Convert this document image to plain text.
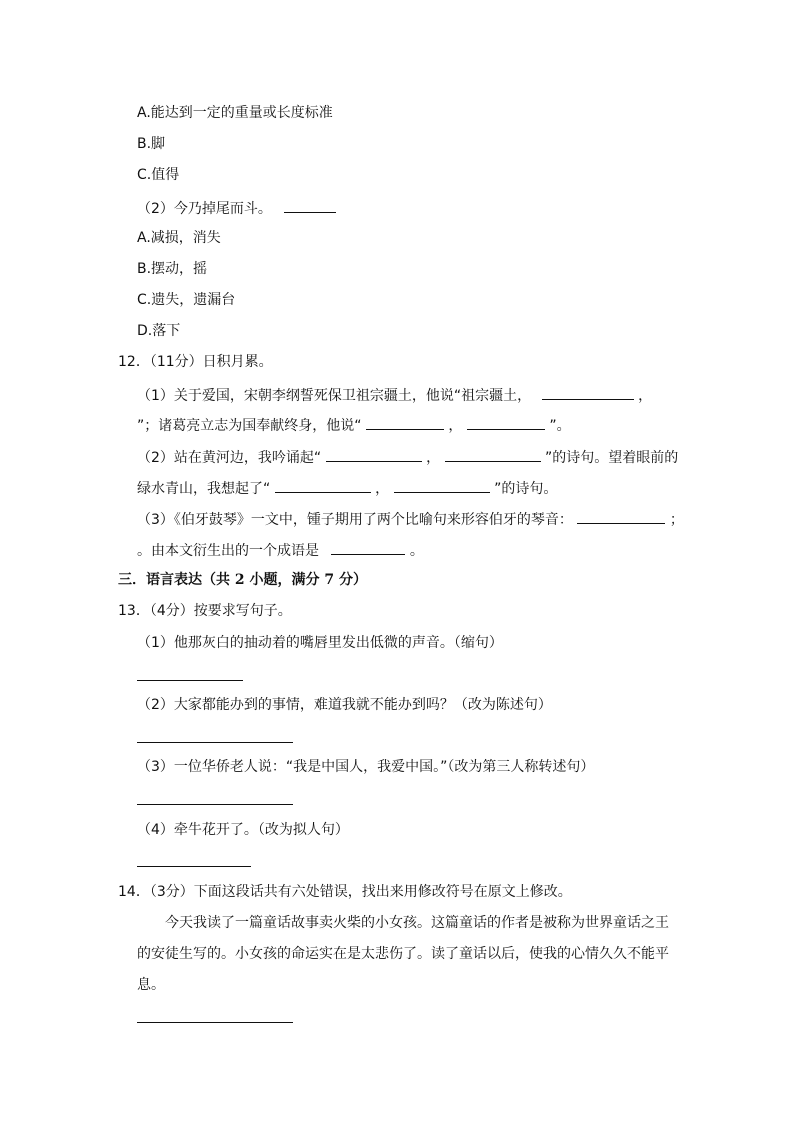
A.能达到一定的重量或长度标准
B.脚
C.值得
（2）今乃掉尾而斗。
A.减损，消失
B.摆动，摇
C.遗失，遗漏台
D.落下
12．（11分）日积月累。
（1）关于爱国，宋朝李纲誓死保卫祖宗疆土，他说“祖宗疆土，	，
”；诸葛亮立志为国奉献终身，他说“	，	”。
（2）站在黄河边，我吟诵起“	，	”的诗句。望着眼前的
绿水青山，我想起了“	，	”的诗句。
（3）《伯牙鼓琴》一文中，锺子期用了两个比喻句来形容伯牙的琴音：	；
。由本文衍生出的一个成语是	。
三．语言表达（共 2 小题，满分 7 分）
13．（4分）按要求写句子。
（1）他那灰白的抽动着的嘴唇里发出低微的声音。（缩句）
（2）大家都能办到的事情，难道我就不能办到吗？（改为陈述句）
（3）一位华侨老人说：“我是中国人，我爱中国。”（改为第三人称转述句）
（4）牵牛花开了。（改为拟人句）
14．（3分）下面这段话共有六处错误，找出来用修改符号在原文上修改。
今天我读了一篇童话故事卖火柴的小女孩。这篇童话的作者是被称为世界童话之王
的安徒生写的。小女孩的命运实在是太悲伤了。读了童话以后，使我的心情久久不能平
息。
